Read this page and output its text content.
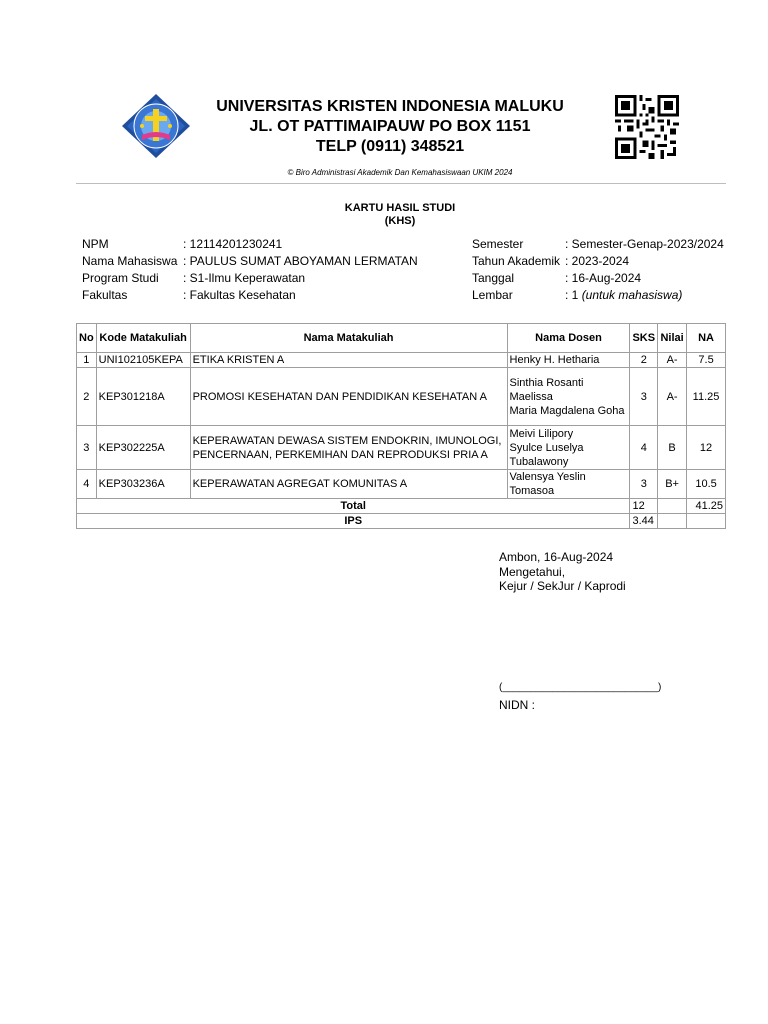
UNIVERSITAS KRISTEN INDONESIA MALUKU
JL. OT PATTIMAIPAUW PO BOX 1151
TELP (0911) 348521
© Biro Administrasi Akademik Dan Kemahasiswaan UKIM 2024
KARTU HASIL STUDI
(KHS)
NPM	: 12114201230241
Nama Mahasiswa : PAULUS SUMAT ABOYAMAN LERMATAN
Program Studi : S1-Ilmu Keperawatan
Fakultas	: Fakultas Kesehatan
Semester	: Semester-Genap-2023/2024
Tahun Akademik : 2023-2024
Tanggal	: 16-Aug-2024
Lembar	: 1 (untuk mahasiswa)
No	Kode Matakuliah	Nama Matakuliah	Nama Dosen	SKS	Nilai	NA
1	UNI102105KEPA	ETIKA KRISTEN A	Henky H. Hetharia	2	A-	7.5
2	KEP301218A	PROMOSI KESEHATAN DAN PENDIDIKAN KESEHATAN A	Sinthia Rosanti Maelissa
Maria Magdalena Goha	3	A-	11.25
3	KEP302225A	KEPERAWATAN DEWASA SISTEM ENDOKRIN, IMUNOLOGI, PENCERNAAN, PERKEMIHAN DAN REPRODUKSI PRIA A	Meivi Lilipory
Syulce Luselya Tubalawony	4	B	12
4	KEP303236A	KEPERAWATAN AGREGAT KOMUNITAS A	Valensya Yeslin Tomasoa	3	B+	10.5
Total				12		41.25
IPS				3.44		
Ambon, 16-Aug-2024
Mengetahui,
Kejur / SekJur / Kaprodi
(____________________________)
NIDN :
